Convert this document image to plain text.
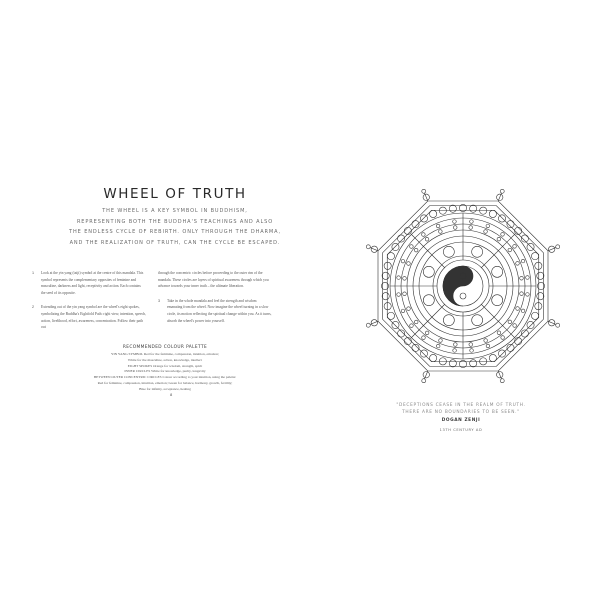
WHEEL OF TRUTH
THE WHEEL IS A KEY SYMBOL IN BUDDHISM,
REPRESENTING BOTH THE BUDDHA'S TEACHINGS AND ALSO
THE ENDLESS CYCLE OF REBIRTH. ONLY THROUGH THE DHARMA,
AND THE REALIZATION OF TRUTH, CAN THE CYCLE BE ESCAPED.
1	Look at the yin yang (taiji) symbol at the centre of this mandala. This symbol represents the complementary opposites of feminine and masculine, darkness and light, receptivity and action. Each contains the seed of its opposite.
2	Extending out of the yin yang symbol are the wheel's eight spokes, symbolizing the Buddha's Eightfold Path: right view, intention, speech, action, livelihood, effort, awareness, concentration. Follow their path out
through the concentric circles before proceeding to the outer rim of the mandala. These circles are layers of spiritual awareness through which you advance towards your inner truth – the ultimate liberation.
3	Take in the whole mandala and feel the strength and wisdom emanating from the wheel. Now imagine the wheel turning in a slow circle, its motion reflecting the spiritual change within you. As it turns, absorb the wheel's power into yourself.
RECOMMENDED COLOUR PALETTE
YIN YANG SYMBOL Red for the feminine, compassion, intuition, emotion;
White for the masculine, action, knowledge, intellect
EIGHT SPOKES Orange for wisdom, strength, spirit
INNER CIRCLES White for knowledge, purity, longevity
BETWEEN OUTER CONCENTRIC CIRCLES Colour according to your intuition, using the palette:
Red for feminine, compassion, intuition, emotion; Green for balance, harmony, growth, fertility;
Blue for infinity, acceptance, healing
8
"DECEPTIONS CEASE IN THE REALM OF TRUTH.
THERE ARE NO BOUNDARIES TO BE SEEN."
DOGAN ZENJI
13TH CENTURY AD
